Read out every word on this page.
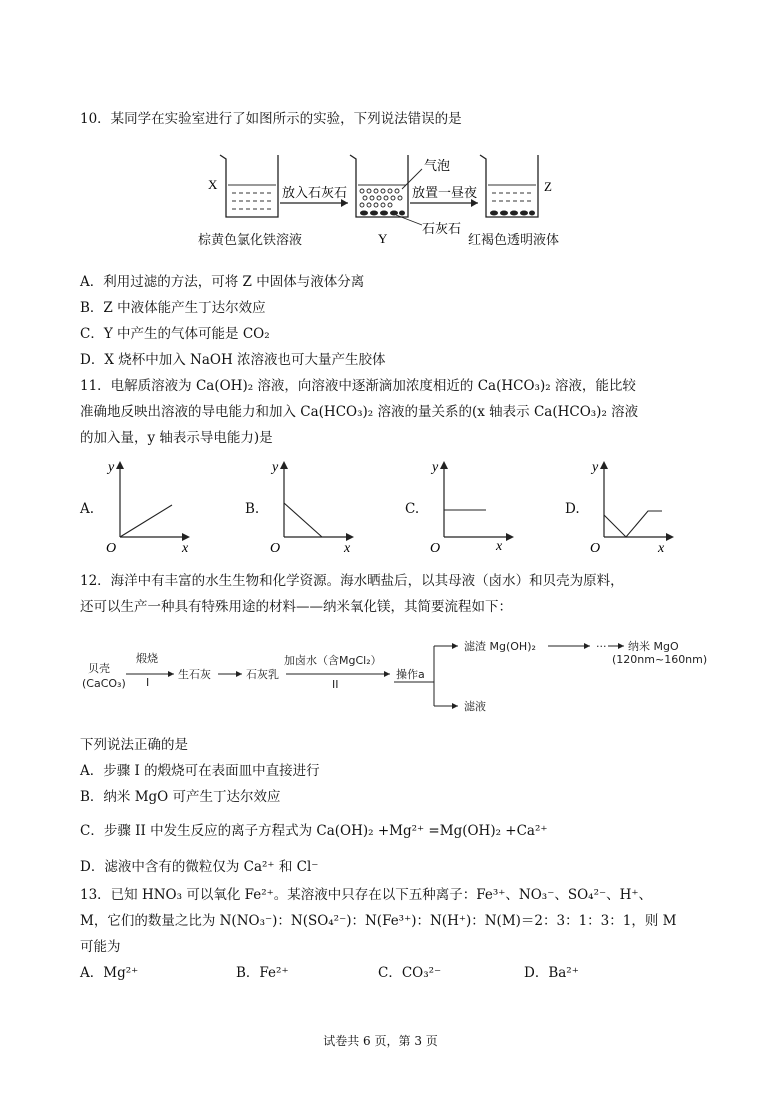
10．某同学在实验室进行了如图所示的实验，下列说法错误的是
X
放入石灰石
气泡
石灰石
Y
放置一昼夜	Z
棕黄色氯化铁溶液	红褐色透明液体
A．利用过滤的方法，可将 Z 中固体与液体分离
B．Z 中液体能产生丁达尔效应
C．Y 中产生的气体可能是 CO₂
D．X 烧杯中加入 NaOH 浓溶液也可大量产生胶体
11．电解质溶液为 Ca(OH)₂ 溶液，向溶液中逐渐滴加浓度相近的 Ca(HCO₃)₂ 溶液，能比较
准确地反映出溶液的导电能力和加入 Ca(HCO₃)₂ 溶液的量关系的(x 轴表示 Ca(HCO₃)₂ 溶液
的加入量，y 轴表示导电能力)是
A.
y
O	x
B.
y
O	x
C.
y
O	x
D.
y
O	x
12．海洋中有丰富的水生生物和化学资源。海水晒盐后，以其母液（卤水）和贝壳为原料，
还可以生产一种具有特殊用途的材料——纳米氧化镁，其简要流程如下：
贝壳
(CaCO₃)
煅烧
I
生石灰	石灰乳
加卤水（含MgCl₂）
II
操作a
滤渣 Mg(OH)₂	··· 纳米 MgO
(120nm~160nm)
滤液
下列说法正确的是
A．步骤 I 的煅烧可在表面皿中直接进行
B．纳米 MgO 可产生丁达尔效应
C．步骤 II 中发生反应的离子方程式为 Ca(OH)₂ +Mg²⁺ =Mg(OH)₂ +Ca²⁺
D．滤液中含有的微粒仅为 Ca²⁺ 和 Cl⁻
13．已知 HNO₃ 可以氧化 Fe²⁺。某溶液中只存在以下五种离子：Fe³⁺、NO₃⁻、SO₄²⁻、H⁺、
M，它们的数量之比为 N(NO₃⁻)：N(SO₄²⁻)：N(Fe³⁺)：N(H⁺)：N(M)＝2：3：1：3：1，则 M
可能为
A．Mg²⁺	B．Fe²⁺	C．CO₃²⁻	D．Ba²⁺
试卷共 6 页，第 3 页
